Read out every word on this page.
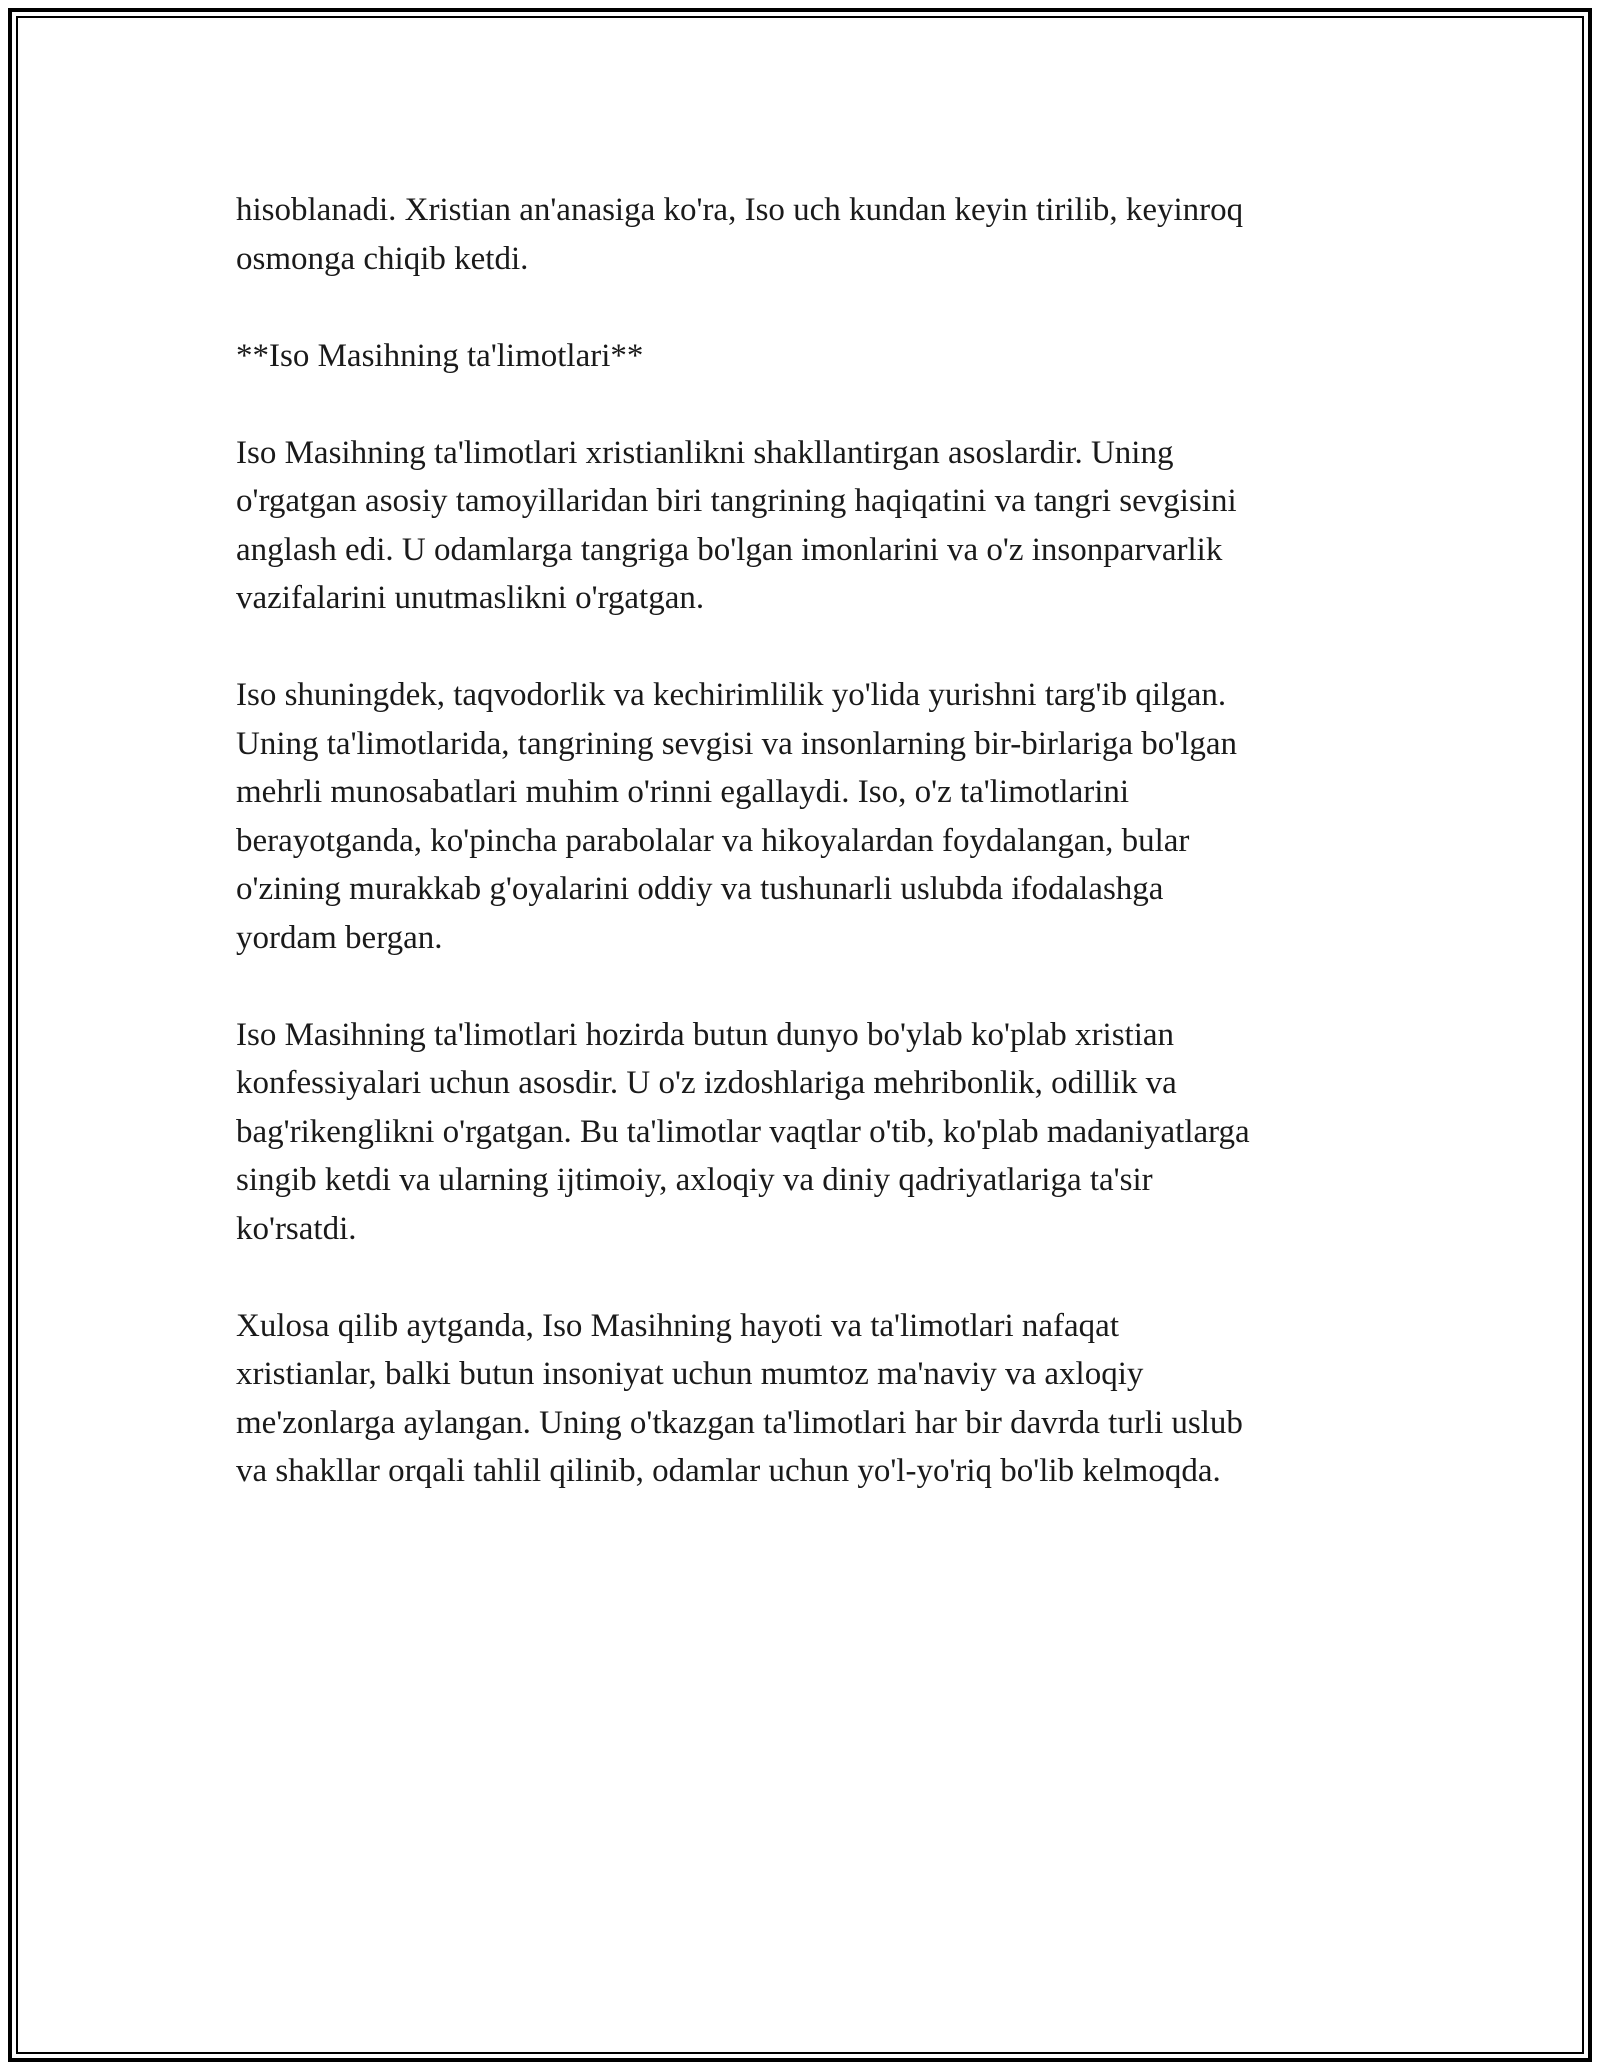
hisoblanadi. Xristian an'anasiga ko'ra, Iso uch kundan keyin tirilib, keyinroq
osmonga chiqib ketdi.

**Iso Masihning ta'limotlari**

Iso Masihning ta'limotlari xristianlikni shakllantirgan asoslardir. Uning
o'rgatgan asosiy tamoyillaridan biri tangrining haqiqatini va tangri sevgisini
anglash edi. U odamlarga tangriga bo'lgan imonlarini va o'z insonparvarlik
vazifalarini unutmaslikni o'rgatgan.

Iso shuningdek, taqvodorlik va kechirimlilik yo'lida yurishni targ'ib qilgan.
Uning ta'limotlarida, tangrining sevgisi va insonlarning bir-birlariga bo'lgan
mehrli munosabatlari muhim o'rinni egallaydi. Iso, o'z ta'limotlarini
berayotganda, ko'pincha parabolalar va hikoyalardan foydalangan, bular
o'zining murakkab g'oyalarini oddiy va tushunarli uslubda ifodalashga
yordam bergan.

Iso Masihning ta'limotlari hozirda butun dunyo bo'ylab ko'plab xristian
konfessiyalari uchun asosdir. U o'z izdoshlariga mehribonlik, odillik va
bag'rikenglikni o'rgatgan. Bu ta'limotlar vaqtlar o'tib, ko'plab madaniyatlarga
singib ketdi va ularning ijtimoiy, axloqiy va diniy qadriyatlariga ta'sir
ko'rsatdi.

Xulosa qilib aytganda, Iso Masihning hayoti va ta'limotlari nafaqat
xristianlar, balki butun insoniyat uchun mumtoz ma'naviy va axloqiy
me'zonlarga aylangan. Uning o'tkazgan ta'limotlari har bir davrda turli uslub
va shakllar orqali tahlil qilinib, odamlar uchun yo'l-yo'riq bo'lib kelmoqda.
